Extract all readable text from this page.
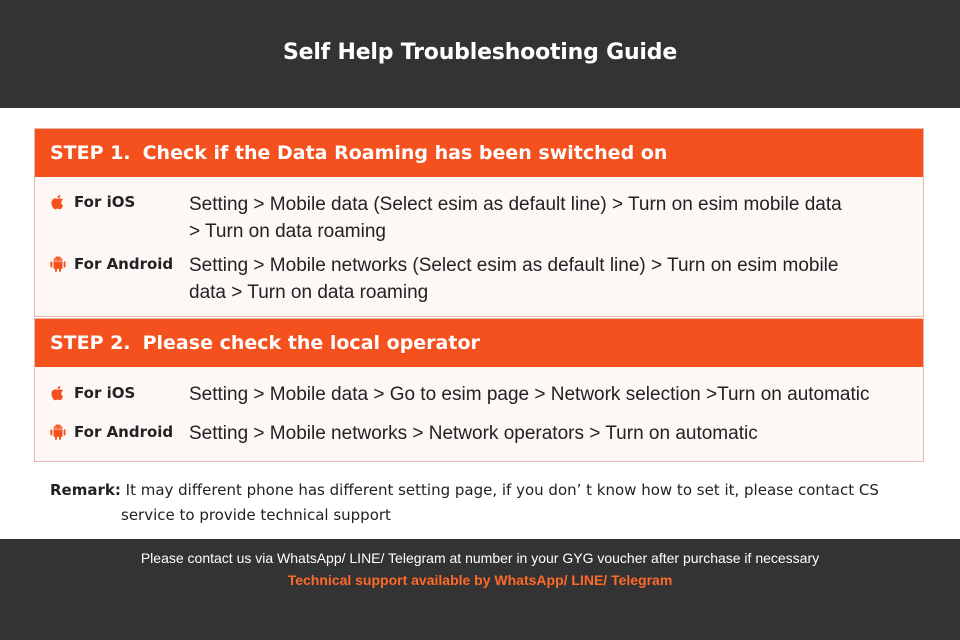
Self Help Troubleshooting Guide
STEP 1. Check if the Data Roaming has been switched on
For iOS	Setting > Mobile data (Select esim as default line) > Turn on esim mobile data
> Turn on data roaming
For Android Setting > Mobile networks (Select esim as default line) > Turn on esim mobile
data > Turn on data roaming
STEP 2. Please check the local operator
For iOS	Setting > Mobile data > Go to esim page > Network selection >Turn on automatic
For Android Setting > Mobile networks > Network operators > Turn on automatic
Remark: It may different phone has different setting page, if you don’ t know how to set it, please contact CS
service to provide technical support
Please contact us via WhatsApp/ LINE/ Telegram at number in your GYG voucher after purchase if necessary
Technical support available by WhatsApp/ LINE/ Telegram
